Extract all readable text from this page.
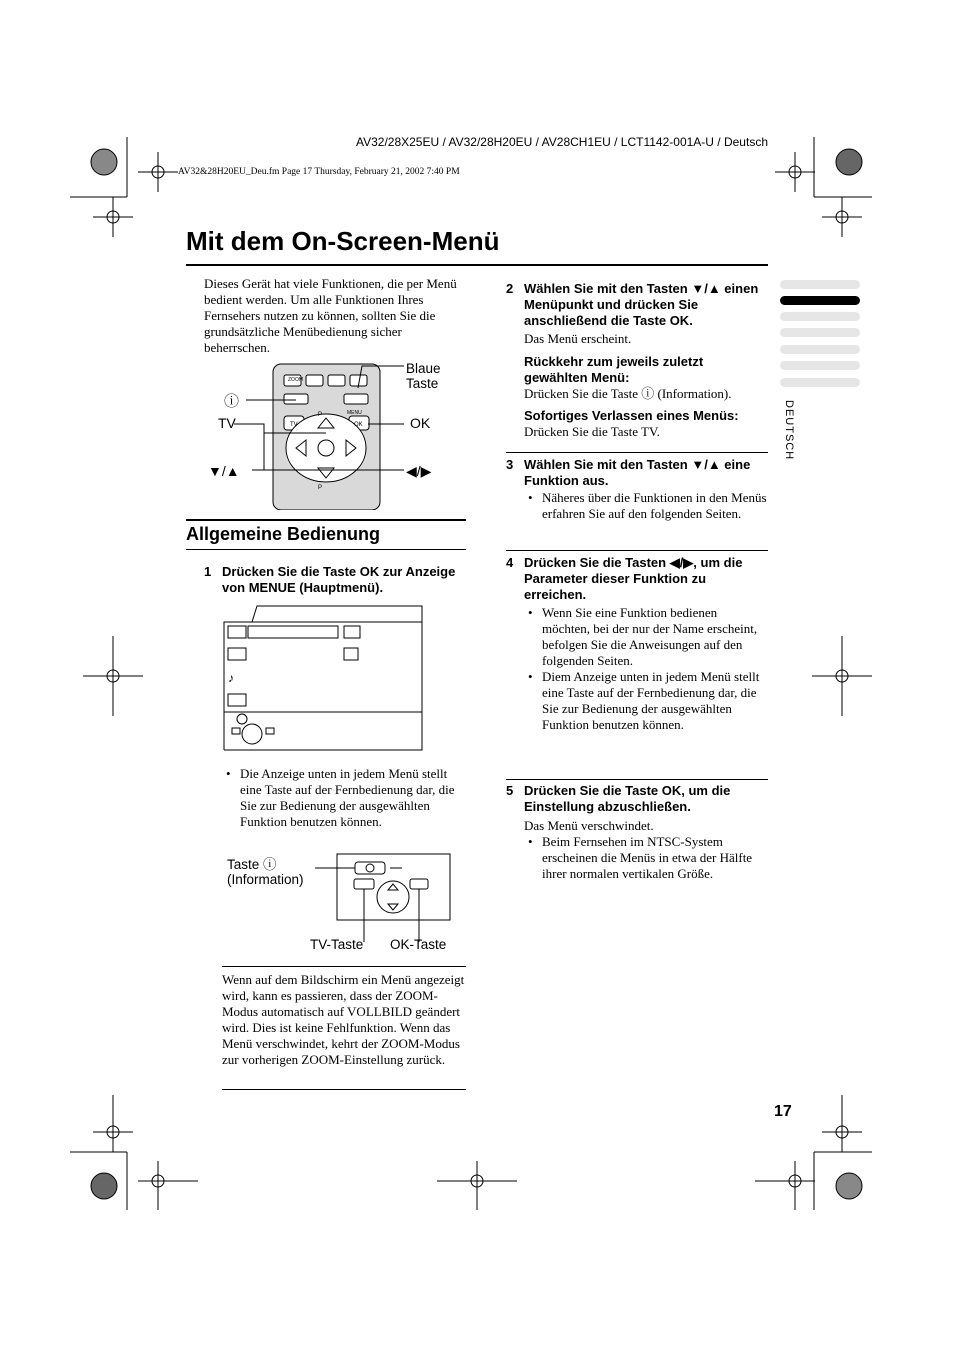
AV32/28X25EU / AV32/28H20EU / AV28CH1EU / LCT1142-001A-U / Deutsch
AV32&28H20EU_Deu.fm Page 17 Thursday, February 21, 2002 7:40 PM
Mit dem On-Screen-Menü
Dieses Gerät hat viele Funktionen, die per Menü bedient werden. Um alle Funktionen Ihres Fernsehers nutzen zu können, sollten Sie die grundsätzliche Menübedienung sicher beherrschen.
ZOOM
TV	OK
MENU
P
P
Blaue Taste
ⓘ
TV	OK
▼/▲	◀/▶
Allgemeine Bedienung
1 Drücken Sie die Taste OK zur Anzeige von MENUE (Hauptmenü).
♪
• Die Anzeige unten in jedem Menü stellt eine Taste auf der Fernbedienung dar, die Sie zur Bedienung der ausgewählten Funktion benutzen können.
Taste ⓘ (Information)
TV-Taste OK-Taste
Wenn auf dem Bildschirm ein Menü angezeigt wird, kann es passieren, dass der ZOOM-Modus automatisch auf VOLLBILD geändert wird. Dies ist keine Fehlfunktion. Wenn das Menü verschwindet, kehrt der ZOOM-Modus zur vorherigen ZOOM-Einstellung zurück.
2 Wählen Sie mit den Tasten ▼/▲ einen Menüpunkt und drücken Sie anschließend die Taste OK.
Das Menü erscheint.
Rückkehr zum jeweils zuletzt gewählten Menü:
Drücken Sie die Taste ⓘ (Information).
Sofortiges Verlassen eines Menüs:
Drücken Sie die Taste TV.
3 Wählen Sie mit den Tasten ▼/▲ eine Funktion aus.
• Näheres über die Funktionen in den Menüs erfahren Sie auf den folgenden Seiten.
4 Drücken Sie die Tasten ◀/▶, um die Parameter dieser Funktion zu erreichen.
• Wenn Sie eine Funktion bedienen möchten, bei der nur der Name erscheint, befolgen Sie die Anweisungen auf den folgenden Seiten.
• Diem Anzeige unten in jedem Menü stellt eine Taste auf der Fernbedienung dar, die Sie zur Bedienung der ausgewählten Funktion benutzen können.
5 Drücken Sie die Taste OK, um die Einstellung abzuschließen.
Das Menü verschwindet.
• Beim Fernsehen im NTSC-System erscheinen die Menüs in etwa der Hälfte ihrer normalen vertikalen Größe.
DEUTSCH
17
